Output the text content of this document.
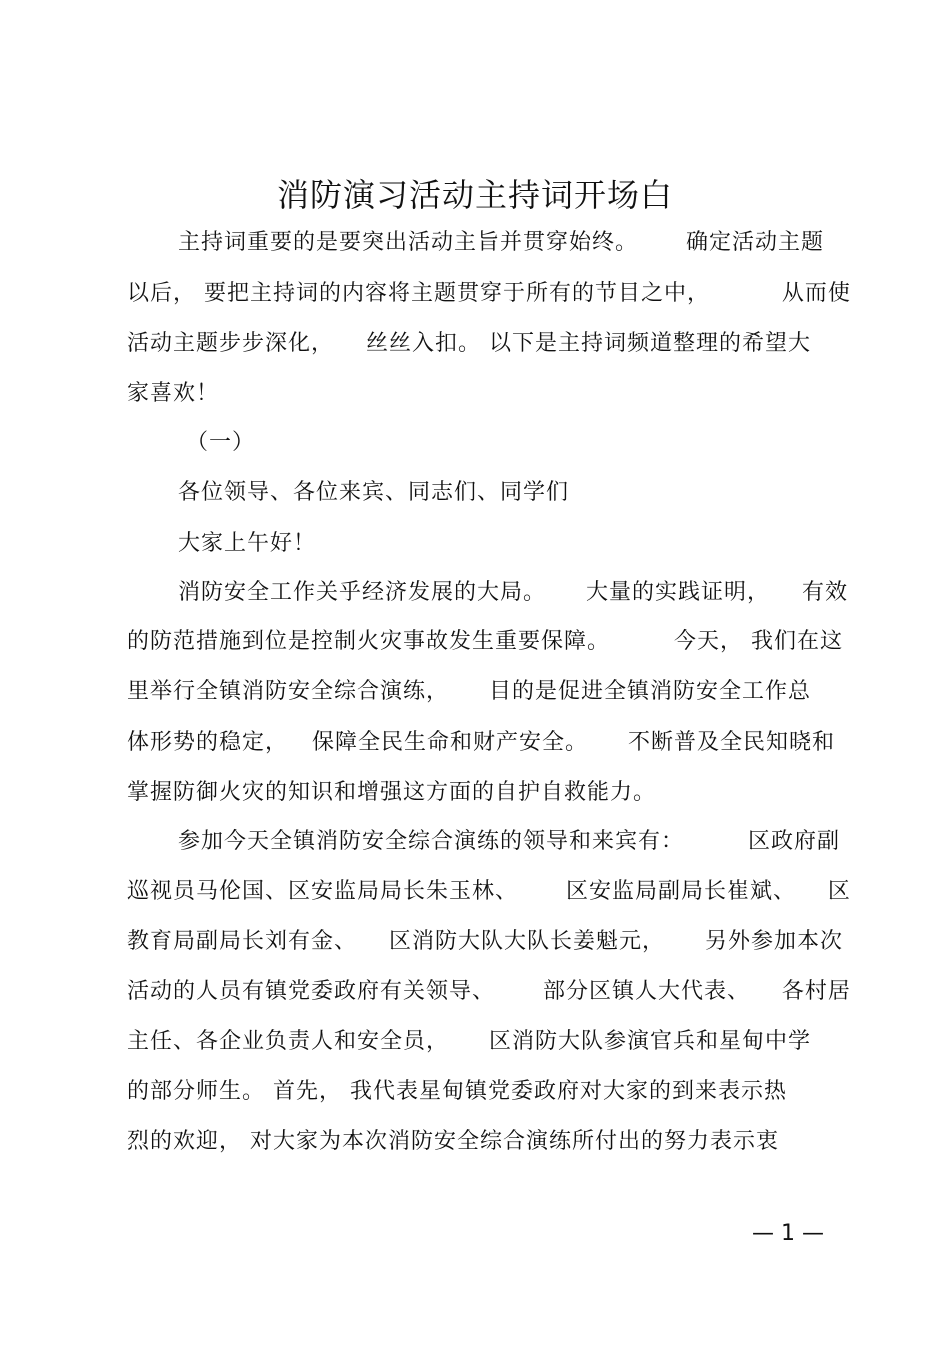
消防演习活动主持词开场白
主持词重要的是要突出活动主旨并贯穿始终。      确定活动主题
以后， 要把主持词的内容将主题贯穿于所有的节目之中，         从而使
活动主题步步深化，    丝丝入扣。 以下是主持词频道整理的希望大
家喜欢！
（一）
各位领导、各位来宾、同志们、同学们
大家上午好！
消防安全工作关乎经济发展的大局。     大量的实践证明，    有效
的防范措施到位是控制火灾事故发生重要保障。        今天， 我们在这
里举行全镇消防安全综合演练，     目的是促进全镇消防安全工作总
体形势的稳定，   保障全民生命和财产安全。     不断普及全民知晓和
掌握防御火灾的知识和增强这方面的自护自救能力。
参加今天全镇消防安全综合演练的领导和来宾有：        区政府副
巡视员马伦国、区安监局局长朱玉林、      区安监局副局长崔斌、    区
教育局副局长刘有金、    区消防大队大队长姜魁元，     另外参加本次
活动的人员有镇党委政府有关领导、      部分区镇人大代表、    各村居
主任、各企业负责人和安全员，     区消防大队参演官兵和星甸中学
的部分师生。 首先， 我代表星甸镇党委政府对大家的到来表示热
烈的欢迎， 对大家为本次消防安全综合演练所付出的努力表示衷
— 1 —
